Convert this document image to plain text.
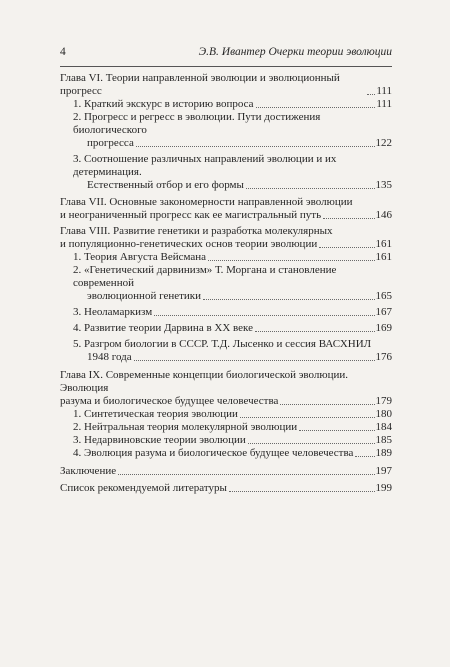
4	Э.В. Ивантер Очерки теории эволюции
Глава VI. Теории направленной эволюции и эволюционный прогресс	111
1. Краткий экскурс в историю вопроса	111
2. Прогресс и регресс в эволюции. Пути достижения биологического
прогресса	122
3. Соотношение различных направлений эволюции и их детерминация.
Естественный отбор и его формы	135
Глава VII. Основные закономерности направленной эволюции
и неограниченный прогресс как ее магистральный путь	146
Глава VIII. Развитие генетики и разработка молекулярных
и популяционно-генетических основ теории эволюции	161
1. Теория Августа Вейсмана	161
2. «Генетический дарвинизм» Т. Моргана и становление современной
эволюционной генетики	165
3. Неоламаркизм	167
4. Развитие теории Дарвина в XX веке	169
5. Разгром биологии в СССР. Т.Д. Лысенко и сессия ВАСХНИЛ
1948 года	176
Глава IX. Современные концепции биологической эволюции. Эволюция
разума и биологическое будущее человечества	179
1. Синтетическая теория эволюции	180
2. Нейтральная теория молекулярной эволюции	184
3. Недарвиновские теории эволюции	185
4. Эволюция разума и биологическое будущее человечества 189
Заключение	197
Список рекомендуемой литературы	199
